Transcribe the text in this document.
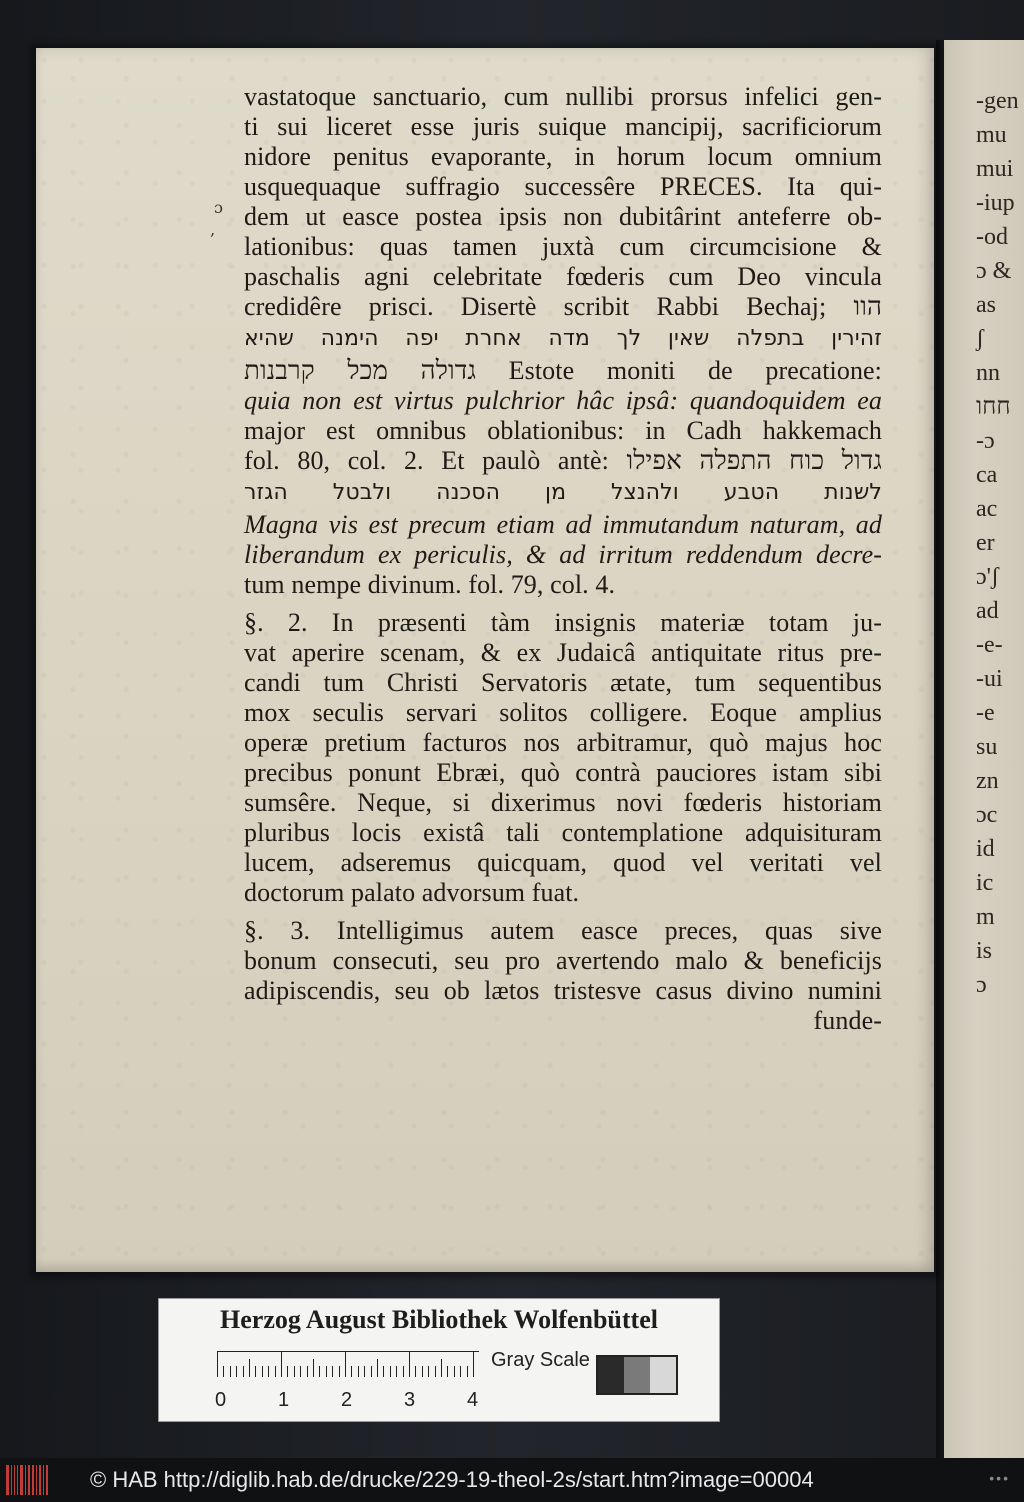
-gen
mu
mui
-iup
-od
ɔ &
as
ʃ
nn
חחו
-ɔ
ca
ac
er
ɔ'ʃ
ad
-e-
-ui
-e
su
zn
ɔc
id
ic
m
is
ɔ
ɔ
‚
vastatoque sanctuario, cum nullibi prorsus infelici gen-
ti sui liceret esse juris suique mancipij, sacrificiorum
nidore penitus evaporante, in horum locum omnium
usquequaque suffragio successêre PRECES. Ita qui-
dem ut easce postea ipsis non dubitârint anteferre ob-
lationibus: quas tamen juxtà cum circumcisione &
paschalis agni celebritate fœderis cum Deo vincula
credidêre prisci. Disertè scribit Rabbi Bechaj; הוו
זהירין בתפלה שאין לך מדה אחרת יפה הימנה שהיא
גדולה מכל קרבנות Estote moniti de precatione:
quia non est virtus pulchrior hâc ipsâ: quandoquidem ea
major est omnibus oblationibus: in Cadh hakkemach
fol. 80, col. 2. Et paulò antè: גדול כוח התפלה אפילו
לשנות הטבע ולהנצל מן הסכנה ולבטל הגזר
Magna vis est precum etiam ad immutandum naturam, ad
liberandum ex periculis, & ad irritum reddendum decre-
tum nempe divinum. fol. 79, col. 4.
§. 2. In præsenti tàm insignis materiæ totam ju-
vat aperire scenam, & ex Judaicâ antiquitate ritus pre-
candi tum Christi Servatoris ætate, tum sequentibus
mox seculis servari solitos colligere. Eoque amplius
operæ pretium facturos nos arbitramur, quò majus hoc
precibus ponunt Ebræi, quò contrà pauciores istam sibi
sumsêre. Neque, si dixerimus novi fœderis historiam
pluribus locis existâ tali contemplatione adquisituram
lucem, adseremus quicquam, quod vel veritati vel
doctorum palato advorsum fuat.
§. 3. Intelligimus autem easce preces, quas sive
bonum consecuti, seu pro avertendo malo & beneficijs
adipiscendis, seu ob lætos tristesve casus divino numini
funde-
Herzog August Bibliothek Wolfenbüttel
0	1	2	3	4
Gray Scale
© HAB http://diglib.hab.de/drucke/229-19-theol-2s/start.htm?image=00004	•••
